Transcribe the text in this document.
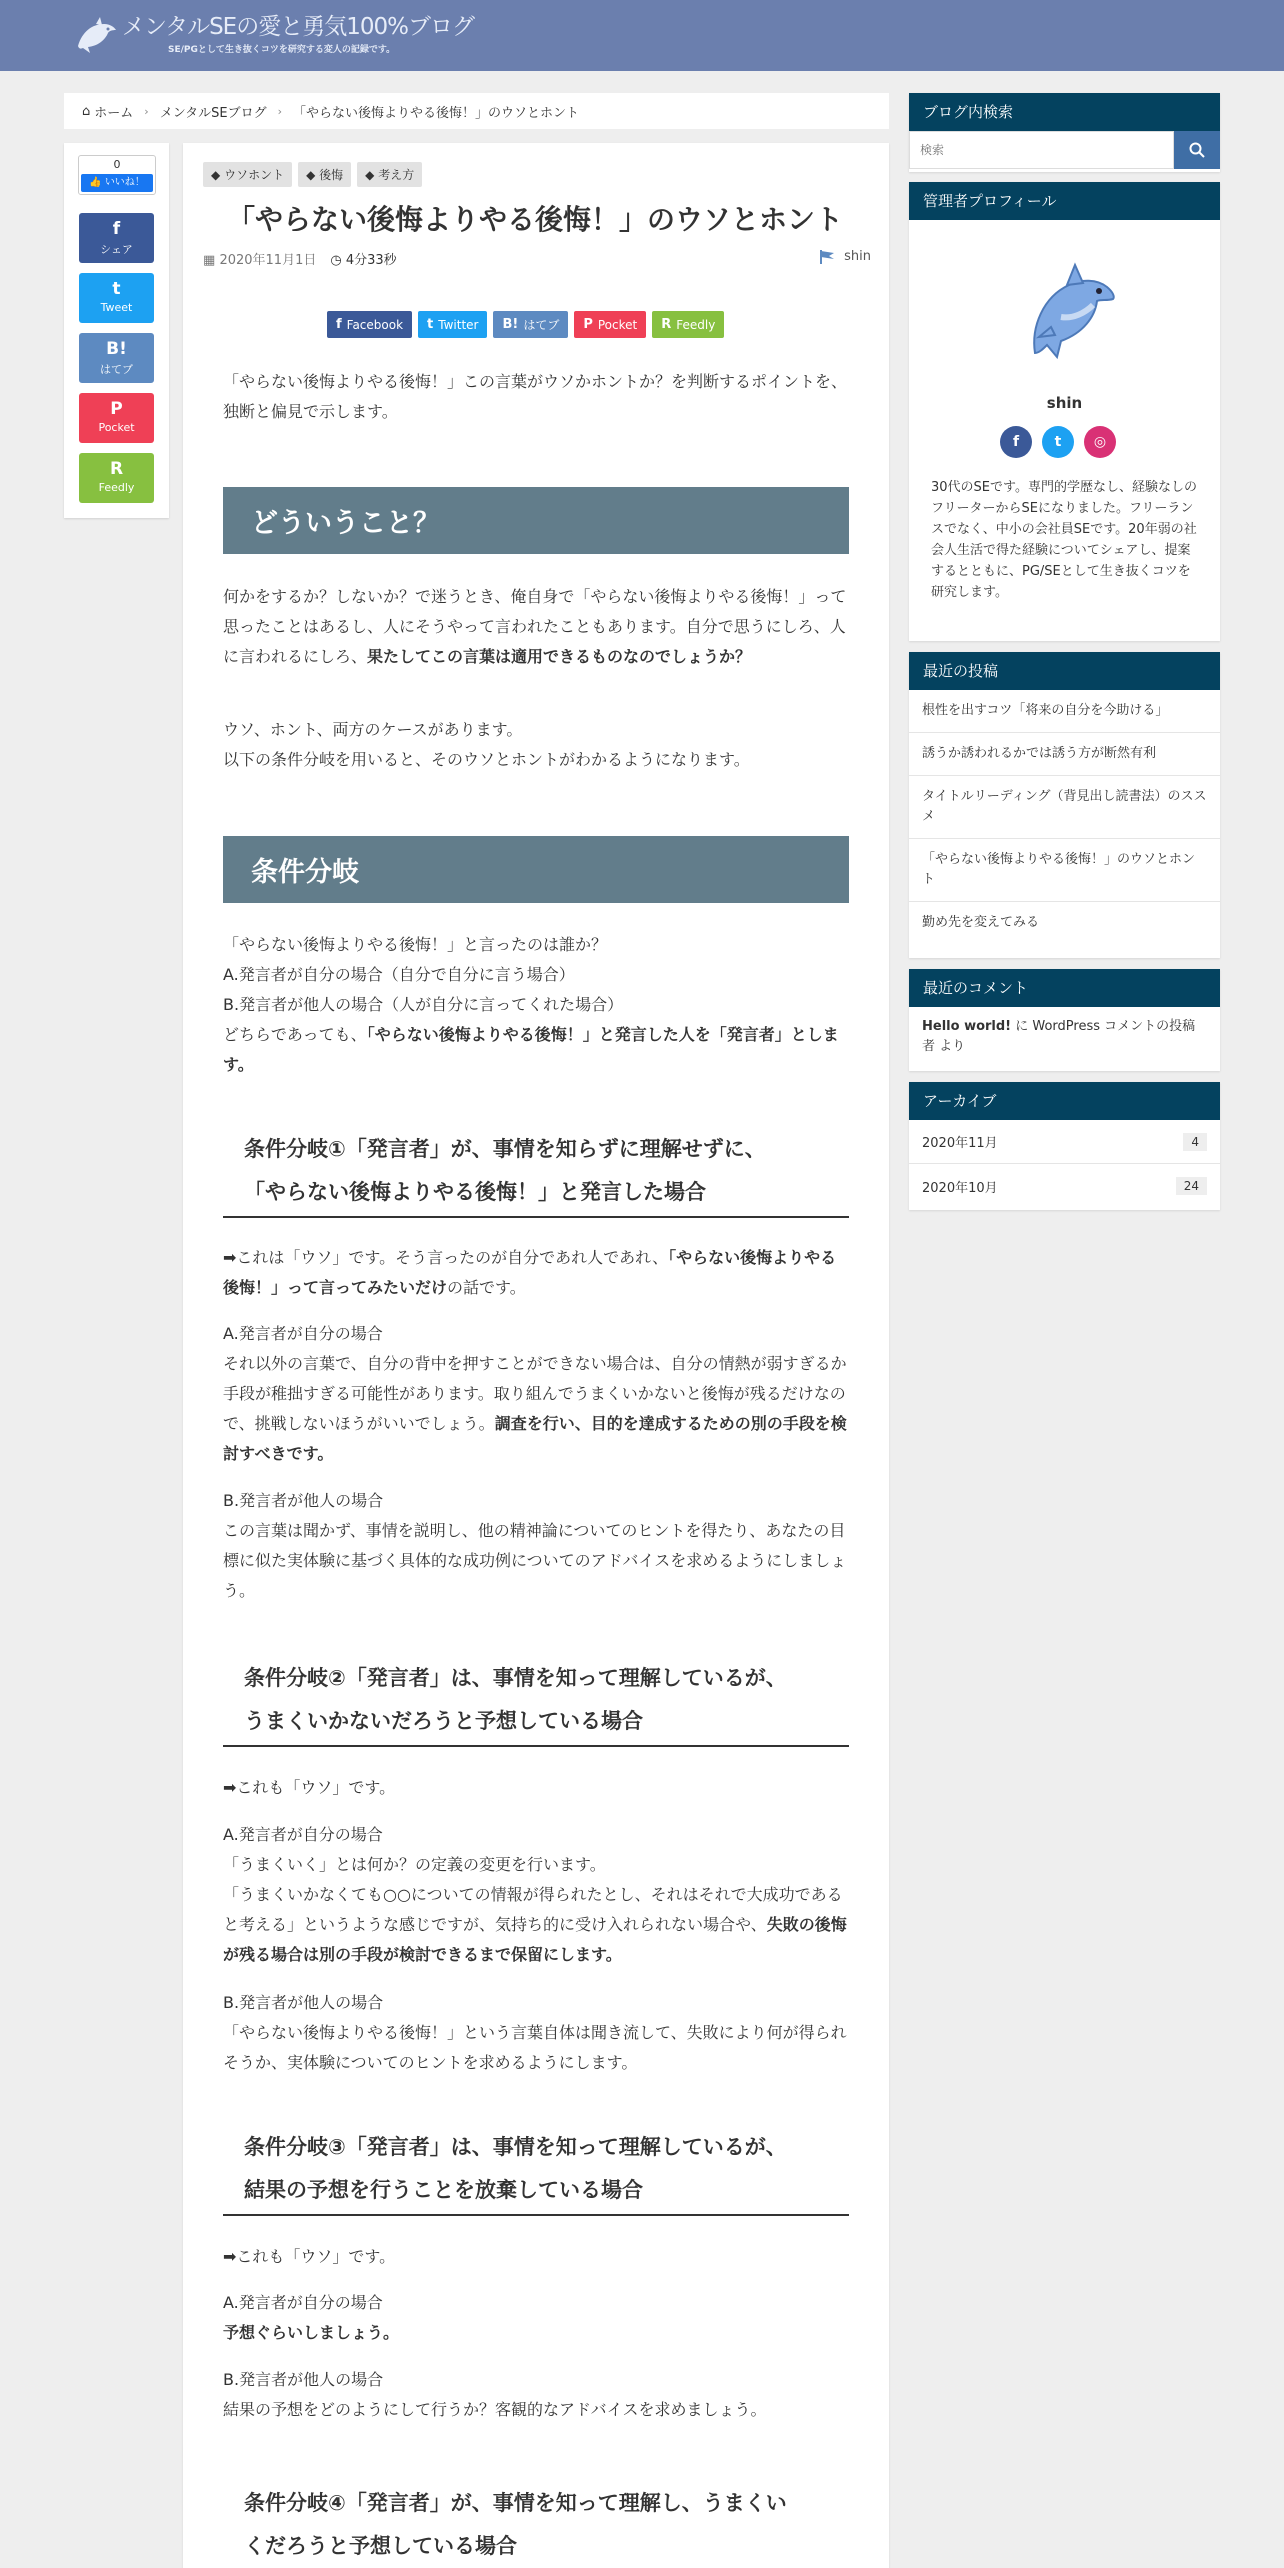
メンタルSEの愛と勇気100%ブログ
SE/PGとして生き抜くコツを研究する変人の記録です。
⌂ ホーム › メンタルSEブログ › 「やらない後悔よりやる後悔！」のウソとホント
0
👍 いいね！
f
シェア
t
Tweet
B!
はてブ
P
Pocket
R
Feedly
◆ ウソホント	◆ 後悔	◆ 考え方
「やらない後悔よりやる後悔！」のウソとホント
▦ 2020年11月1日 ◷ 4分33秒	shin
f Facebook t Twitter B! はてブ P Pocket R Feedly

「やらない後悔よりやる後悔！」この言葉がウソかホントか？を判断するポイントを、独断と偏見で示します。

どういうこと？

何かをするか？しないか？で迷うとき、俺自身で「やらない後悔よりやる後悔！」って思ったことはあるし、人にそうやって言われたこともあります。自分で思うにしろ、人に言われるにしろ、果たしてこの言葉は適用できるものなのでしょうか？

ウソ、ホント、両方のケースがあります。
以下の条件分岐を用いると、そのウソとホントがわかるようになります。

条件分岐

「やらない後悔よりやる後悔！」と言ったのは誰か？
A.発言者が自分の場合（自分で自分に言う場合）
B.発言者が他人の場合（人が自分に言ってくれた場合）
どちらであっても、「やらない後悔よりやる後悔！」と発言した人を「発言者」とします。

条件分岐①「発言者」が、事情を知らずに理解せずに、
「やらない後悔よりやる後悔！」と発言した場合

➡これは「ウソ」です。そう言ったのが自分であれ人であれ、「やらない後悔よりやる後悔！」って言ってみたいだけの話です。

A.発言者が自分の場合
それ以外の言葉で、自分の背中を押すことができない場合は、自分の情熱が弱すぎるか手段が稚拙すぎる可能性があります。取り組んでうまくいかないと後悔が残るだけなので、挑戦しないほうがいいでしょう。調査を行い、目的を達成するための別の手段を検討すべきです。

B.発言者が他人の場合
この言葉は聞かず、事情を説明し、他の精神論についてのヒントを得たり、あなたの目標に似た実体験に基づく具体的な成功例についてのアドバイスを求めるようにしましょう。

条件分岐②「発言者」は、事情を知って理解しているが、
うまくいかないだろうと予想している場合

➡これも「ウソ」です。

A.発言者が自分の場合
「うまくいく」とは何か？の定義の変更を行います。
「うまくいかなくても○○についての情報が得られたとし、それはそれで大成功であると考える」というような感じですが、気持ち的に受け入れられない場合や、失敗の後悔が残る場合は別の手段が検討できるまで保留にします。

B.発言者が他人の場合
「やらない後悔よりやる後悔！」という言葉自体は聞き流して、失敗により何が得られそうか、実体験についてのヒントを求めるようにします。

条件分岐③「発言者」は、事情を知って理解しているが、
結果の予想を行うことを放棄している場合

➡これも「ウソ」です。

A.発言者が自分の場合
予想ぐらいしましょう。

B.発言者が他人の場合
結果の予想をどのようにして行うか？客観的なアドバイスを求めましょう。

条件分岐④「発言者」が、事情を知って理解し、うまくい
くだろうと予想している場合
ブログ内検索
検索
管理者プロフィール
shin
f	t	◎

30代のSEです。専門的学歴なし、経験なしのフリーターからSEになりました。フリーランスでなく、中小の会社員SEです。20年弱の社会人生活で得た経験についてシェアし、提案するとともに、PG/SEとして生き抜くコツを研究します。

最近の投稿
根性を出すコツ「将来の自分を今助ける」
誘うか誘われるかでは誘う方が断然有利
タイトルリーディング（背見出し読書法）のススメ
「やらない後悔よりやる後悔！」のウソとホント
勤め先を変えてみる
最近のコメント
Hello world! に WordPress コメントの投稿者 より
アーカイブ
2020年11月	4
2020年10月	24
